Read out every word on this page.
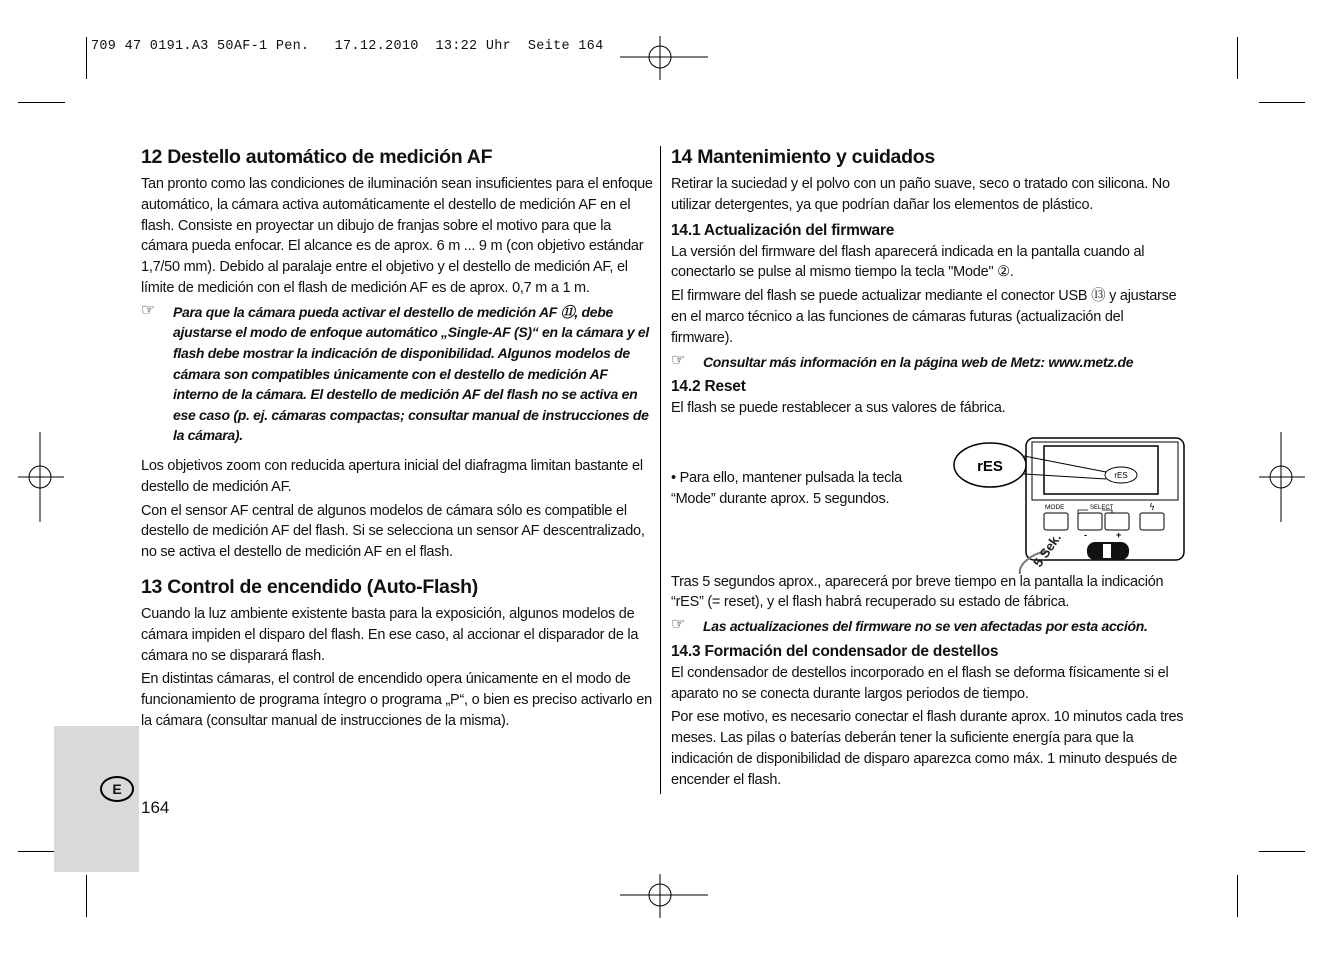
709 47 0191.A3 50AF-1 Pen.   17.12.2010  13:22 Uhr  Seite 164
12 Destello automático de medición AF

Tan pronto como las condiciones de iluminación sean insuficientes para el enfoque automático, la cámara activa automáticamente el destello de medición AF en el flash. Consiste en proyectar un dibujo de franjas sobre el motivo para que la cámara pueda enfocar. El alcance es de aprox. 6 m ... 9 m (con objetivo estándar 1,7/50 mm). Debido al paralaje entre el objetivo y el destello de medición AF, el límite de medición con el flash de medición AF es de aprox. 0,7 m a 1 m.

☞ Para que la cámara pueda activar el destello de medición AF ⑪, debe ajustarse el modo de enfoque automático „Single-AF (S)“ en la cámara y el flash debe mostrar la indicación de disponibilidad. Algunos modelos de cámara son compatibles únicamente con el destello de medición AF interno de la cámara. El destello de medición AF del flash no se activa en ese caso (p. ej. cámaras compactas; consultar manual de instrucciones de la cámara).

Los objetivos zoom con reducida apertura inicial del diafragma limitan bastante el destello de medición AF.

Con el sensor AF central de algunos modelos de cámara sólo es compatible el destello de medición AF del flash. Si se selecciona un sensor AF descentralizado, no se activa el destello de medición AF en el flash.

13 Control de encendido (Auto-Flash)

Cuando la luz ambiente existente basta para la exposición, algunos modelos de cámara impiden el disparo del flash. En ese caso, al accionar el disparador de la cámara no se disparará flash.

En distintas cámaras, el control de encendido opera únicamente en el modo de funcionamiento de programa íntegro o programa „P“, o bien es preciso activarlo en la cámara (consultar manual de instrucciones de la misma).

14 Mantenimiento y cuidados

Retirar la suciedad y el polvo con un paño suave, seco o tratado con silicona. No utilizar detergentes, ya que podrían dañar los elementos de plástico.

14.1 Actualización del firmware

La versión del firmware del flash aparecerá indicada en la pantalla cuando al conectarlo se pulse al mismo tiempo la tecla "Mode" ②.

El firmware del flash se puede actualizar mediante el conector USB ⑬ y ajustarse en el marco técnico a las funciones de cámaras futuras (actualización del firmware).

☞ Consultar más información en la página web de Metz: www.metz.de
14.2 Reset

El flash se puede restablecer a sus valores de fábrica.

• Para ello, mantener pulsada la tecla “Mode” durante aprox. 5 segundos.

Tras 5 segundos aprox., aparecerá por breve tiempo en la pantalla la indicación “rES” (= reset), y el flash habrá recuperado su estado de fábrica.

☞ Las actualizaciones del firmware no se ven afectadas por esta acción.
14.3 Formación del condensador de destellos

El condensador de destellos incorporado en el flash se deforma físicamente si el aparato no se conecta durante largos periodos de tiempo.

Por ese motivo, es necesario conectar el flash durante aprox. 10 minutos cada tres meses. Las pilas o baterías deberán tener la suficiente energía para que la indicación de disponibilidad de disparo aparezca como máx. 1 minuto después de encender el flash.

rES
rES
MODE	SELECT	ϟ
-	+
5 Sek.
E
164
